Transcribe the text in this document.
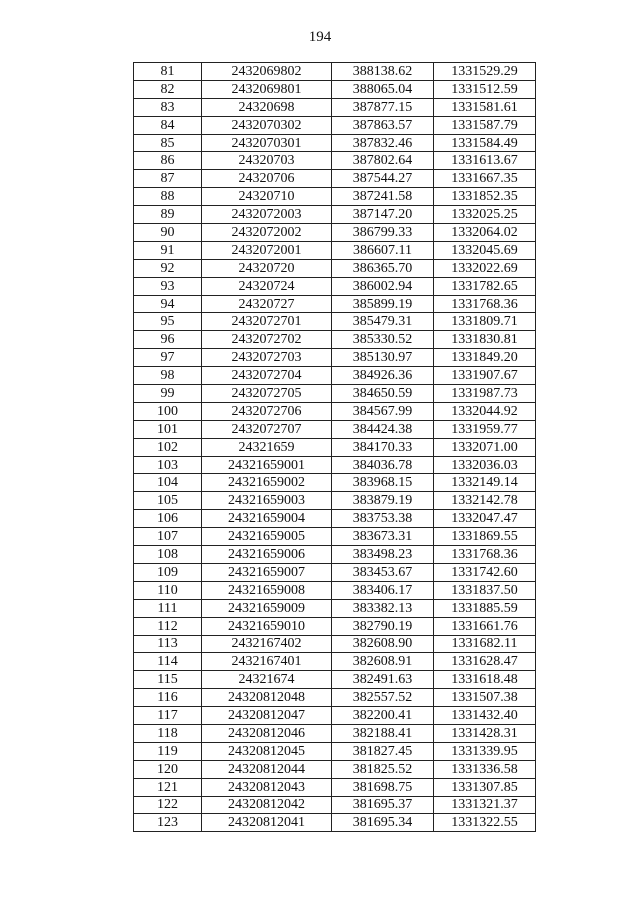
194
81	2432069802	388138.62	1331529.29
82	2432069801	388065.04	1331512.59
83	24320698	387877.15	1331581.61
84	2432070302	387863.57	1331587.79
85	2432070301	387832.46	1331584.49
86	24320703	387802.64	1331613.67
87	24320706	387544.27	1331667.35
88	24320710	387241.58	1331852.35
89	2432072003	387147.20	1332025.25
90	2432072002	386799.33	1332064.02
91	2432072001	386607.11	1332045.69
92	24320720	386365.70	1332022.69
93	24320724	386002.94	1331782.65
94	24320727	385899.19	1331768.36
95	2432072701	385479.31	1331809.71
96	2432072702	385330.52	1331830.81
97	2432072703	385130.97	1331849.20
98	2432072704	384926.36	1331907.67
99	2432072705	384650.59	1331987.73
100	2432072706	384567.99	1332044.92
101	2432072707	384424.38	1331959.77
102	24321659	384170.33	1332071.00
103	24321659001	384036.78	1332036.03
104	24321659002	383968.15	1332149.14
105	24321659003	383879.19	1332142.78
106	24321659004	383753.38	1332047.47
107	24321659005	383673.31	1331869.55
108	24321659006	383498.23	1331768.36
109	24321659007	383453.67	1331742.60
110	24321659008	383406.17	1331837.50
111	24321659009	383382.13	1331885.59
112	24321659010	382790.19	1331661.76
113	2432167402	382608.90	1331682.11
114	2432167401	382608.91	1331628.47
115	24321674	382491.63	1331618.48
116	24320812048	382557.52	1331507.38
117	24320812047	382200.41	1331432.40
118	24320812046	382188.41	1331428.31
119	24320812045	381827.45	1331339.95
120	24320812044	381825.52	1331336.58
121	24320812043	381698.75	1331307.85
122	24320812042	381695.37	1331321.37
123	24320812041	381695.34	1331322.55
